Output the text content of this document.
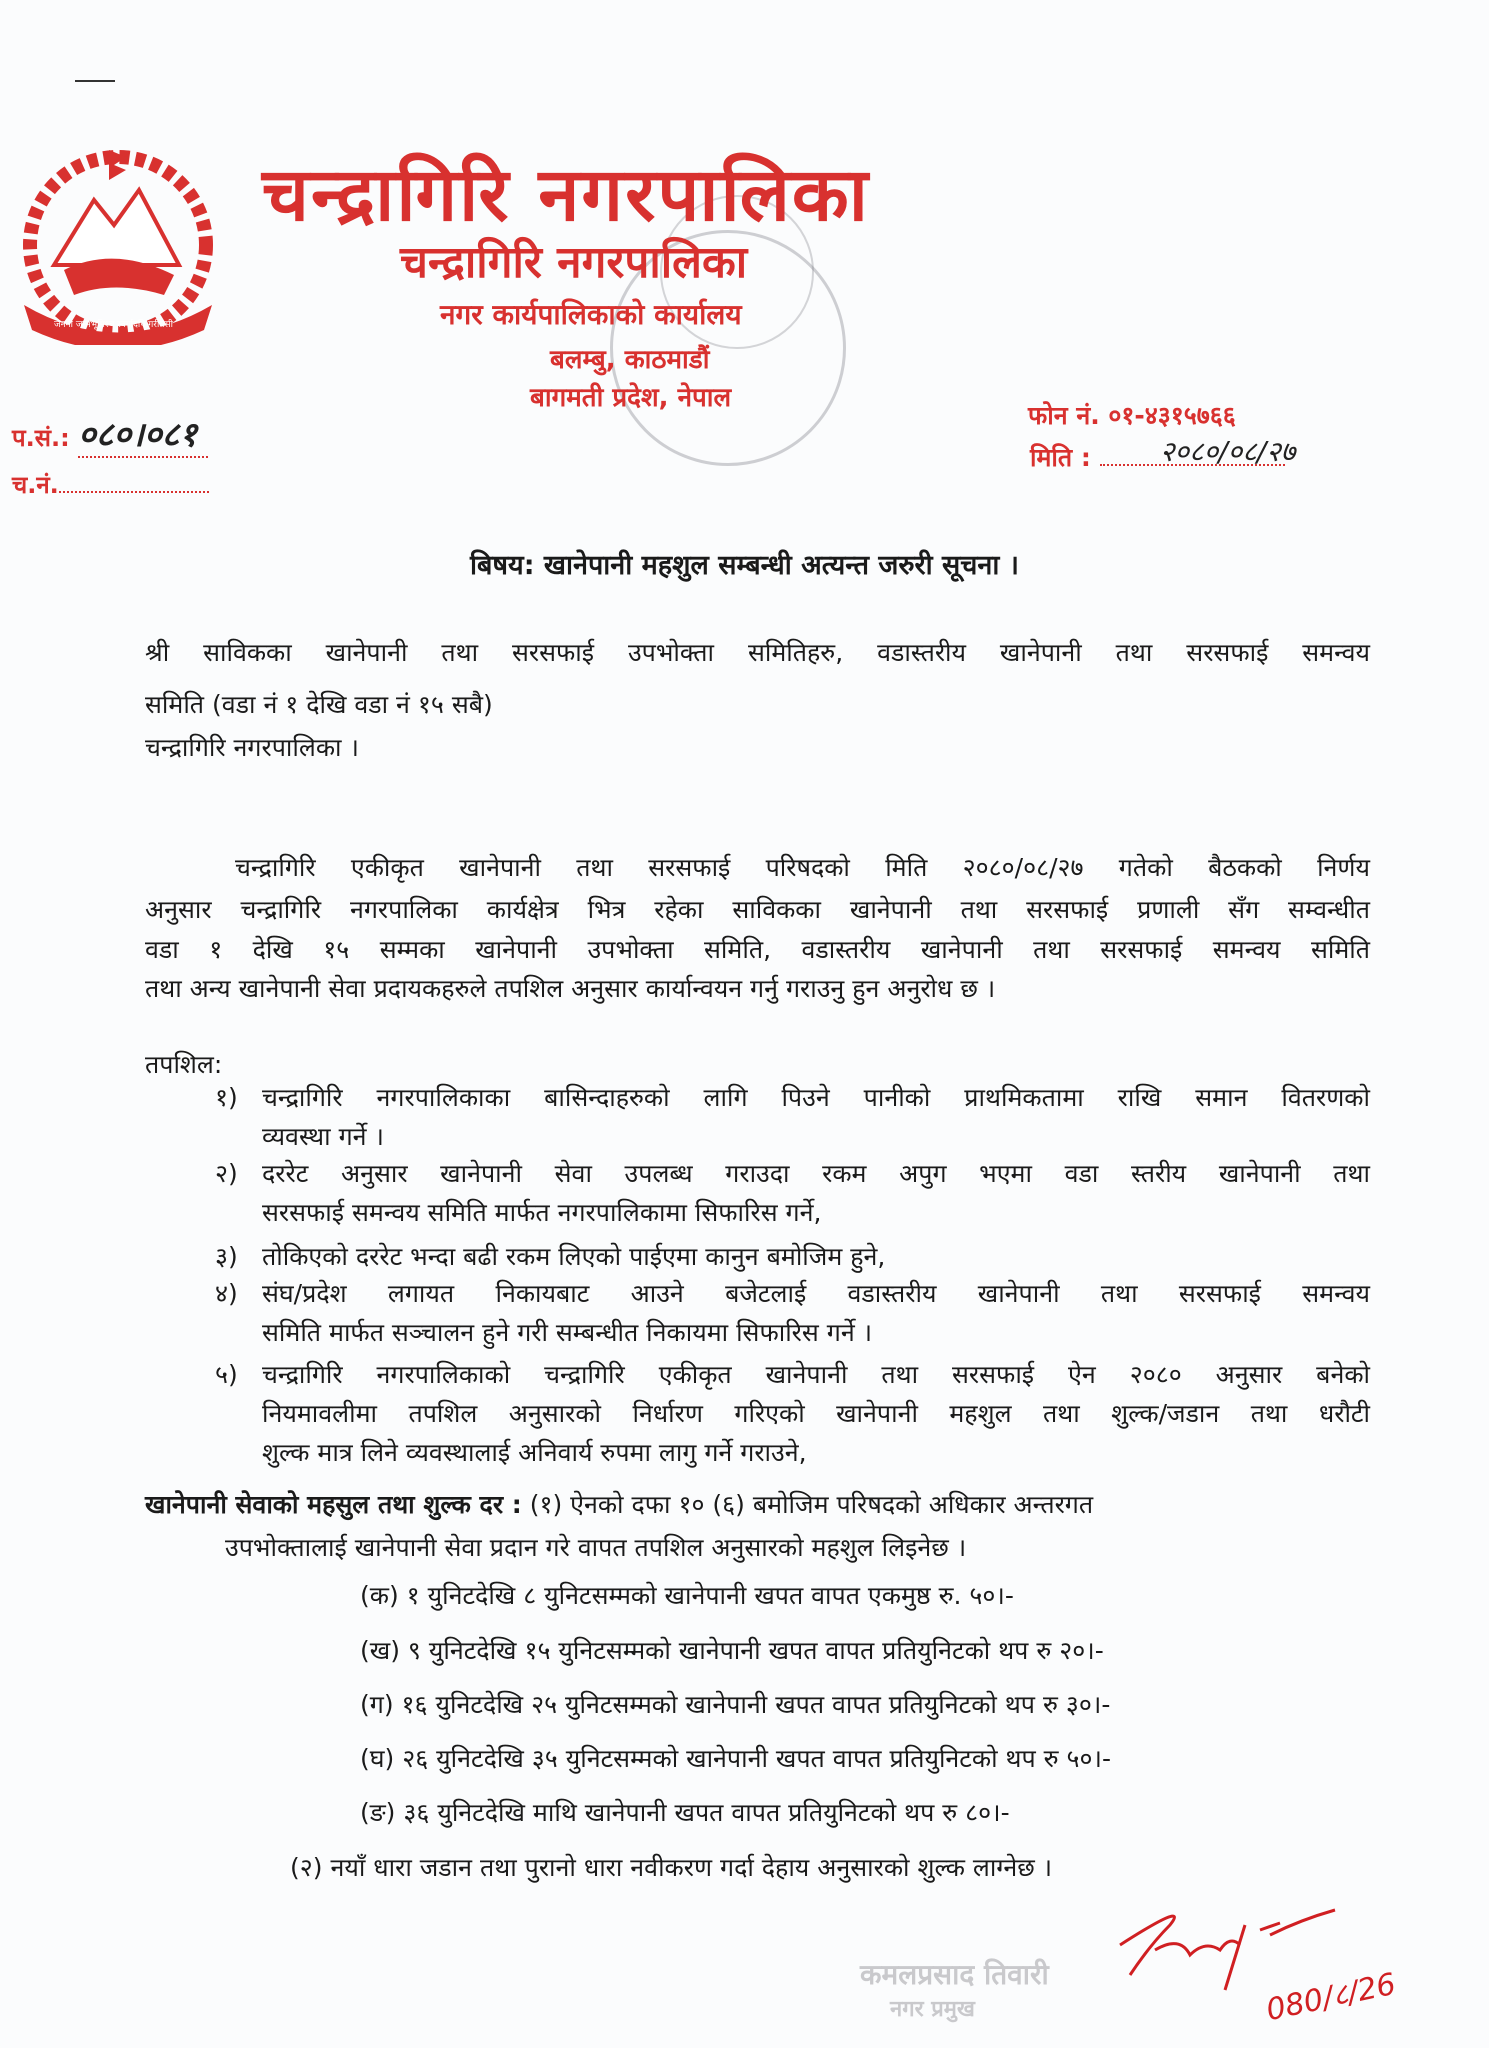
जननी जन्मभूमिश्च स्वर्गादपि गरीयसी
चन्द्रागिरि नगरपालिका
चन्द्रागिरि नगरपालिका
नगर कार्यपालिकाको कार्यालय
बलम्बु, काठमाडौं
बागमती प्रदेश, नेपाल
प.सं.: ०८०।०८१
च.नं.
फोन नं. ०१-४३१५७६६
मिति : २०८०/०८/२७
बिषय: खानेपानी महशुल सम्बन्धी अत्यन्त जरुरी सूचना ।
श्री साविकका खानेपानी तथा सरसफाई उपभोक्ता समितिहरु, वडास्तरीय खानेपानी तथा सरसफाई समन्वय
समिति (वडा नं १ देखि वडा नं १५ सबै)
चन्द्रागिरि नगरपालिका ।
चन्द्रागिरि एकीकृत खानेपानी तथा सरसफाई परिषदको मिति २०८०/०८/२७ गतेको बैठकको निर्णय
अनुसार चन्द्रागिरि नगरपालिका कार्यक्षेत्र भित्र रहेका साविकका खानेपानी तथा सरसफाई प्रणाली सँग सम्वन्धीत
वडा १ देखि १५ सम्मका खानेपानी उपभोक्ता समिति, वडास्तरीय खानेपानी तथा सरसफाई समन्वय समिति
तथा अन्य खानेपानी सेवा प्रदायकहरुले तपशिल अनुसार कार्यान्वयन गर्नु गराउनु हुन अनुरोध छ ।
तपशिल:
१) चन्द्रागिरि नगरपालिकाका बासिन्दाहरुको लागि पिउने पानीको प्राथमिकतामा राखि समान वितरणको
व्यवस्था गर्ने ।
२) दररेट अनुसार खानेपानी सेवा उपलब्ध गराउदा रकम अपुग भएमा वडा स्तरीय खानेपानी तथा
सरसफाई समन्वय समिति मार्फत नगरपालिकामा सिफारिस गर्ने,
३) तोकिएको दररेट भन्दा बढी रकम लिएको पाईएमा कानुन बमोजिम हुने,
४) संघ/प्रदेश लगायत निकायबाट आउने बजेटलाई वडास्तरीय खानेपानी तथा सरसफाई समन्वय
समिति मार्फत सञ्चालन हुने गरी सम्बन्धीत निकायमा सिफारिस गर्ने ।
५) चन्द्रागिरि नगरपालिकाको चन्द्रागिरि एकीकृत खानेपानी तथा सरसफाई ऐन २०८० अनुसार बनेको
नियमावलीमा तपशिल अनुसारको निर्धारण गरिएको खानेपानी महशुल तथा शुल्क/जडान तथा धरौटी
शुल्क मात्र लिने व्यवस्थालाई अनिवार्य रुपमा लागु गर्ने गराउने,
खानेपानी सेवाको महसुल तथा शुल्क दर : (१) ऐनको दफा १० (६) बमोजिम परिषदको अधिकार अन्तरगत
उपभोक्तालाई खानेपानी सेवा प्रदान गरे वापत तपशिल अनुसारको महशुल लिइनेछ ।
(क) १ युनिटदेखि ८ युनिटसम्मको खानेपानी खपत वापत एकमुष्ठ रु. ५०।-
(ख) ९ युनिटदेखि १५ युनिटसम्मको खानेपानी खपत वापत प्रतियुनिटको थप रु २०।-
(ग) १६ युनिटदेखि २५ युनिटसम्मको खानेपानी खपत वापत प्रतियुनिटको थप रु ३०।-
(घ) २६ युनिटदेखि ३५ युनिटसम्मको खानेपानी खपत वापत प्रतियुनिटको थप रु ५०।-
(ङ) ३६ युनिटदेखि माथि खानेपानी खपत वापत प्रतियुनिटको थप रु ८०।-
(२) नयाँ धारा जडान तथा पुरानो धारा नवीकरण गर्दा देहाय अनुसारको शुल्क लाग्नेछ ।
कमलप्रसाद तिवारी
नगर प्रमुख	080/८/26
